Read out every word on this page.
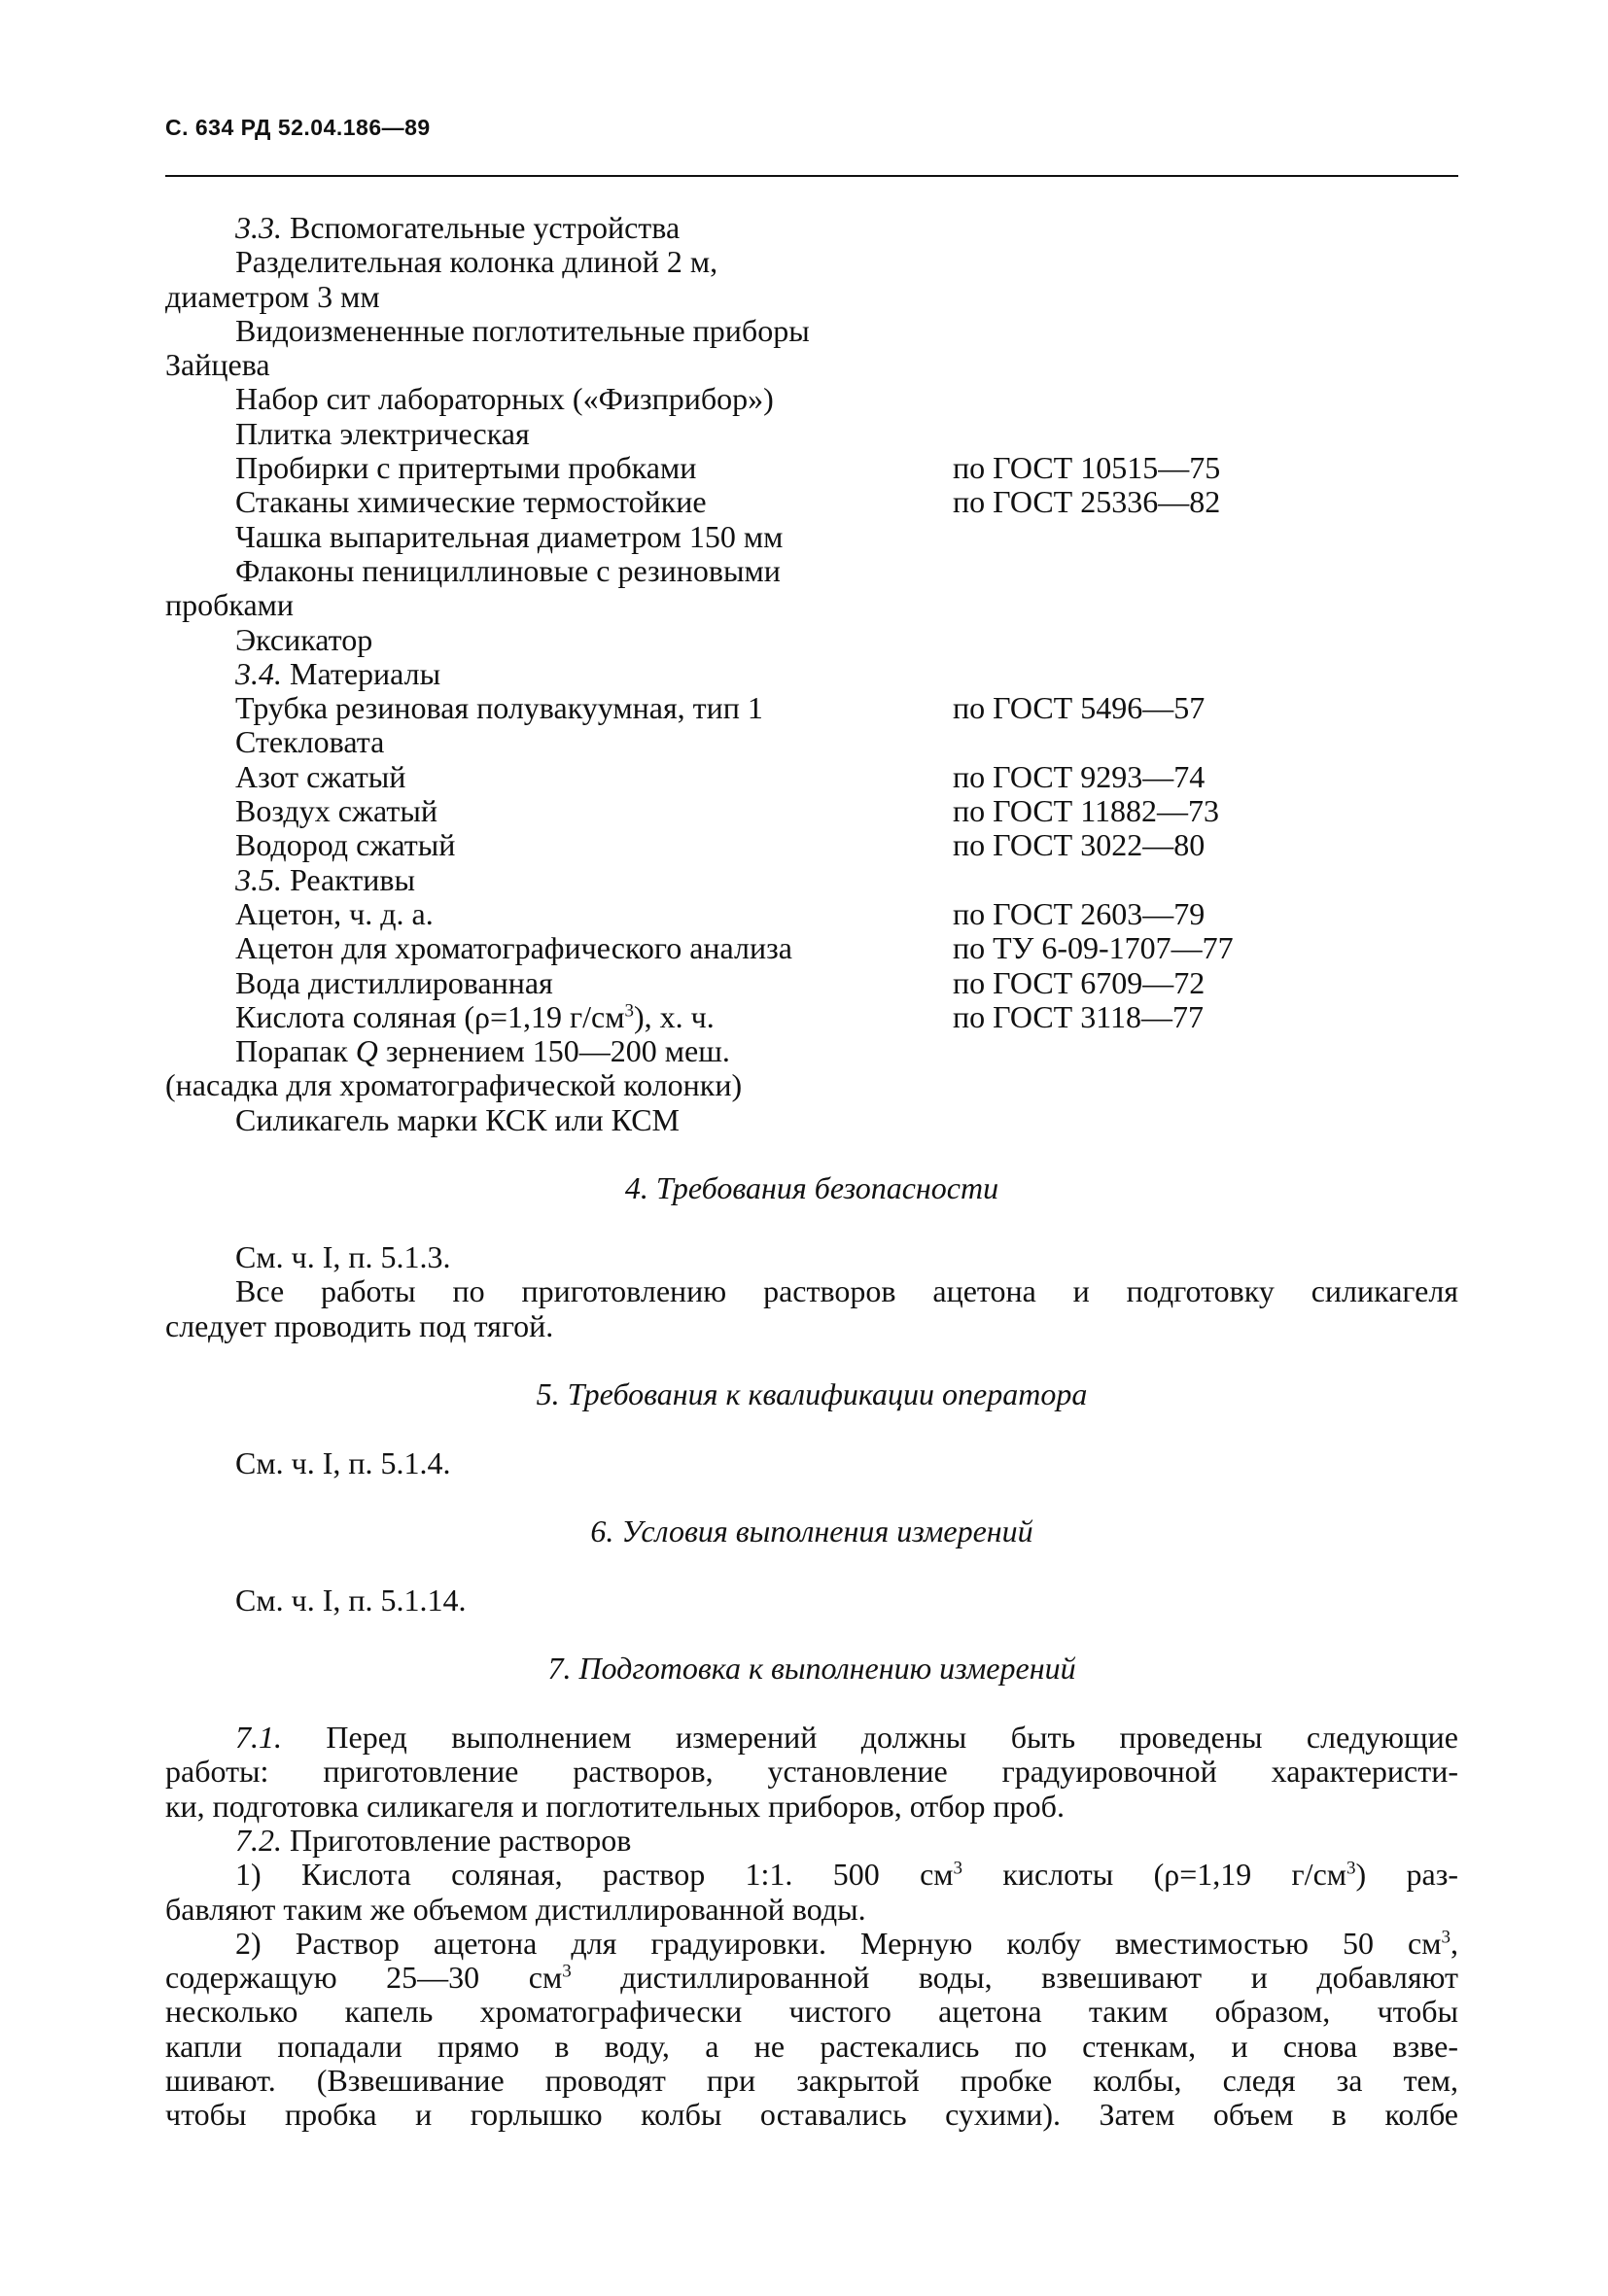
С. 634 РД 52.04.186—89
3.3. Вспомогательные устройства
Разделительная колонка длиной 2 м,
диаметром 3 мм
Видоизмененные поглотительные приборы
Зайцева
Набор сит лабораторных («Физприбор»)
Плитка электрическая
Пробирки с притертыми пробками	по ГОСТ 10515—75
Стаканы химические термостойкие	по ГОСТ 25336—82
Чашка выпарительная диаметром 150 мм
Флаконы пенициллиновые с резиновыми
пробками
Эксикатор
3.4. Материалы
Трубка резиновая полувакуумная, тип 1	по ГОСТ 5496—57
Стекловата
Азот сжатый	по ГОСТ 9293—74
Воздух сжатый	по ГОСТ 11882—73
Водород сжатый	по ГОСТ 3022—80
3.5. Реактивы
Ацетон, ч. д. а.	по ГОСТ 2603—79
Ацетон для хроматографического анализа	по ТУ 6-09-1707—77
Вода дистиллированная	по ГОСТ 6709—72
Кислота соляная (ρ=1,19 $г/см^3$), х. ч.	по ГОСТ 3118—77
Порапак Q зернением 150—200 меш.
(насадка для хроматографической колонки)
Силикагель марки КСК или КСМ
4. Требования безопасности
См. ч. I, п. 5.1.3.
Все работы по приготовлению растворов ацетона и подготовку силикагеля
следует проводить под тягой.
5. Требования к квалификации оператора
См. ч. I, п. 5.1.4.
6. Условия выполнения измерений
См. ч. I, п. 5.1.14.
7. Подготовка к выполнению измерений
7.1. Перед выполнением измерений должны быть проведены следующие
работы: приготовление растворов, установление градуировочной характеристи-
ки, подготовка силикагеля и поглотительных приборов, отбор проб.
7.2. Приготовление растворов
1) Кислота соляная, раствор 1:1. 500 $см^3$ кислоты (ρ=1,19 $г/см^3$) раз-
бавляют таким же объемом дистиллированной воды.
2) Раствор ацетона для градуировки. Мерную колбу вместимостью 50 $см^3$,
содержащую 25—30 $см^3$ дистиллированной воды, взвешивают и добавляют
несколько капель хроматографически чистого ацетона таким образом, чтобы
капли попадали прямо в воду, а не растекались по стенкам, и снова взве-
шивают. (Взвешивание проводят при закрытой пробке колбы, следя за тем,
чтобы пробка и горлышко колбы оставались сухими). Затем объем в колбе
